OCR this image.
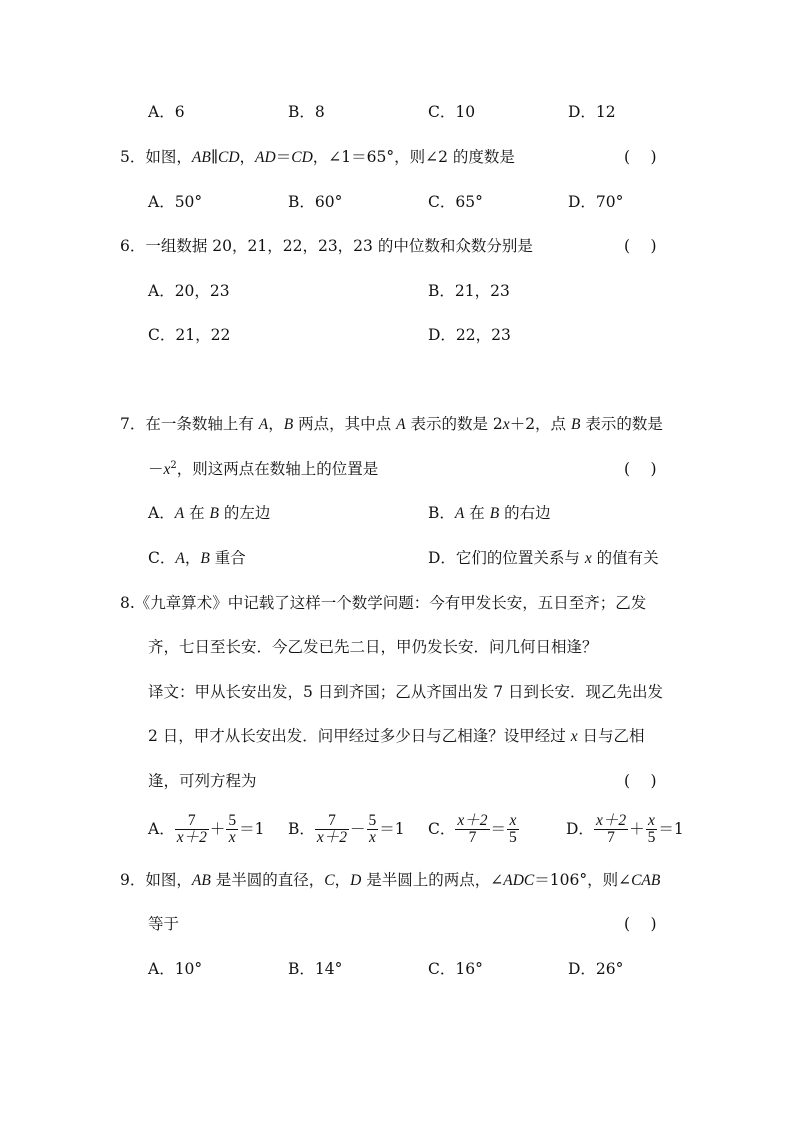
A．6	B．8	C．10	D．12
5．如图，AB∥CD，AD＝CD，∠1＝65°，则∠2 的度数是	(　 )
A．50°	B．60°	C．65°	D．70°
6．一组数据 20，21，22，23，23 的中位数和众数分别是	(　 )
A．20，23	B．21，23
C．21，22	D．22，23
7．在一条数轴上有 A，B 两点，其中点 A 表示的数是 2x＋2，点 B 表示的数是
$-x^2$，则这两点在数轴上的位置是	(　 )
A．A 在 B 的左边	B．A 在 B 的右边
C．A，B 重合	D．它们的位置关系与 x 的值有关
8.《九章算术》中记载了这样一个数学问题：今有甲发长安，五日至齐；乙发
齐，七日至长安．今乙发已先二日，甲仍发长安．问几何日相逢？
译文：甲从长安出发，5 日到齐国；乙从齐国出发 7 日到长安．现乙先出发
2 日，甲才从长安出发．问甲经过多少日与乙相逢？设甲经过 x 日与乙相
逢，可列方程为	(　 )
A． $\frac{7}{x+2} + \frac{5}{x} =1$ B． $\frac{7}{x+2} - \frac{5}{x} =1$ C． $\frac{x+2}{7} = \frac{x}{5}$	D． $\frac{x+2}{7} + \frac{x}{5} =1$
9．如图，AB 是半圆的直径，C，D 是半圆上的两点，∠ADC＝106°，则∠CAB
等于	(　 )
A．10°	B．14°	C．16°	D．26°
